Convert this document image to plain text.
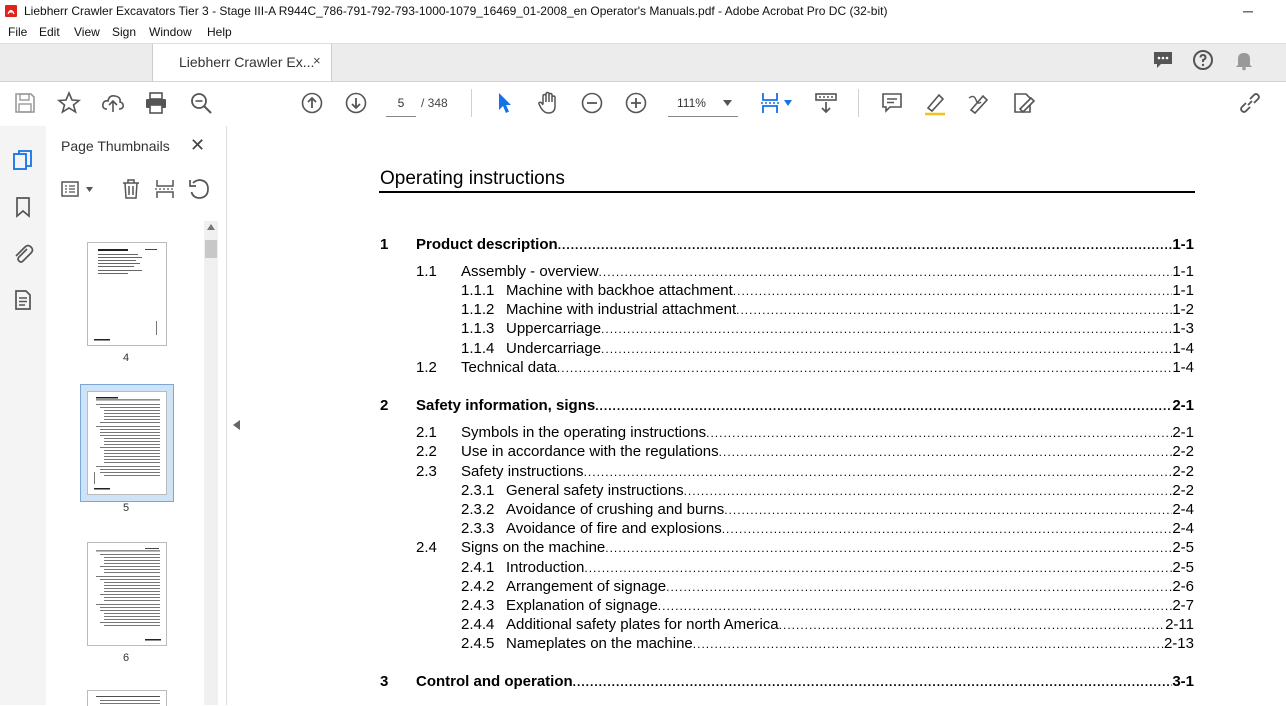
Liebherr Crawler Excavators Tier 3 - Stage III-A R944C_786-791-792-793-1000-1079_16469_01-2008_en Operator's Manuals.pdf - Adobe Acrobat Pro DC (32-bit)	─
File Edit View Sign Window Help
Liebherr Crawler Ex...
×
5	/ 348	111%
Page Thumbnails ✕
4
5
6
Operating instructions
1	Product description .....	1-1
1.1	Assembly - overview .....	1-1
1.1.1 Machine with backhoe attachment .....	1-1
1.1.2 Machine with industrial attachment .....	1-2
1.1.3 Uppercarriage .....	1-3
1.1.4 Undercarriage .....	1-4
1.2	Technical data .....	1-4
2	Safety information, signs .....	2-1
2.1	Symbols in the operating instructions .....	2-1
2.2	Use in accordance with the regulations .....	2-2
2.3	Safety instructions .....	2-2
2.3.1 General safety instructions .....	2-2
2.3.2 Avoidance of crushing and burns .....	2-4
2.3.3 Avoidance of fire and explosions .....	2-4
2.4	Signs on the machine .....	2-5
2.4.1 Introduction .....	2-5
2.4.2 Arrangement of signage .....	2-6
2.4.3 Explanation of signage .....	2-7
2.4.4 Additional safety plates for north America .....	2-11
2.4.5 Nameplates on the machine .....	2-13
3	Control and operation .....	3-1
